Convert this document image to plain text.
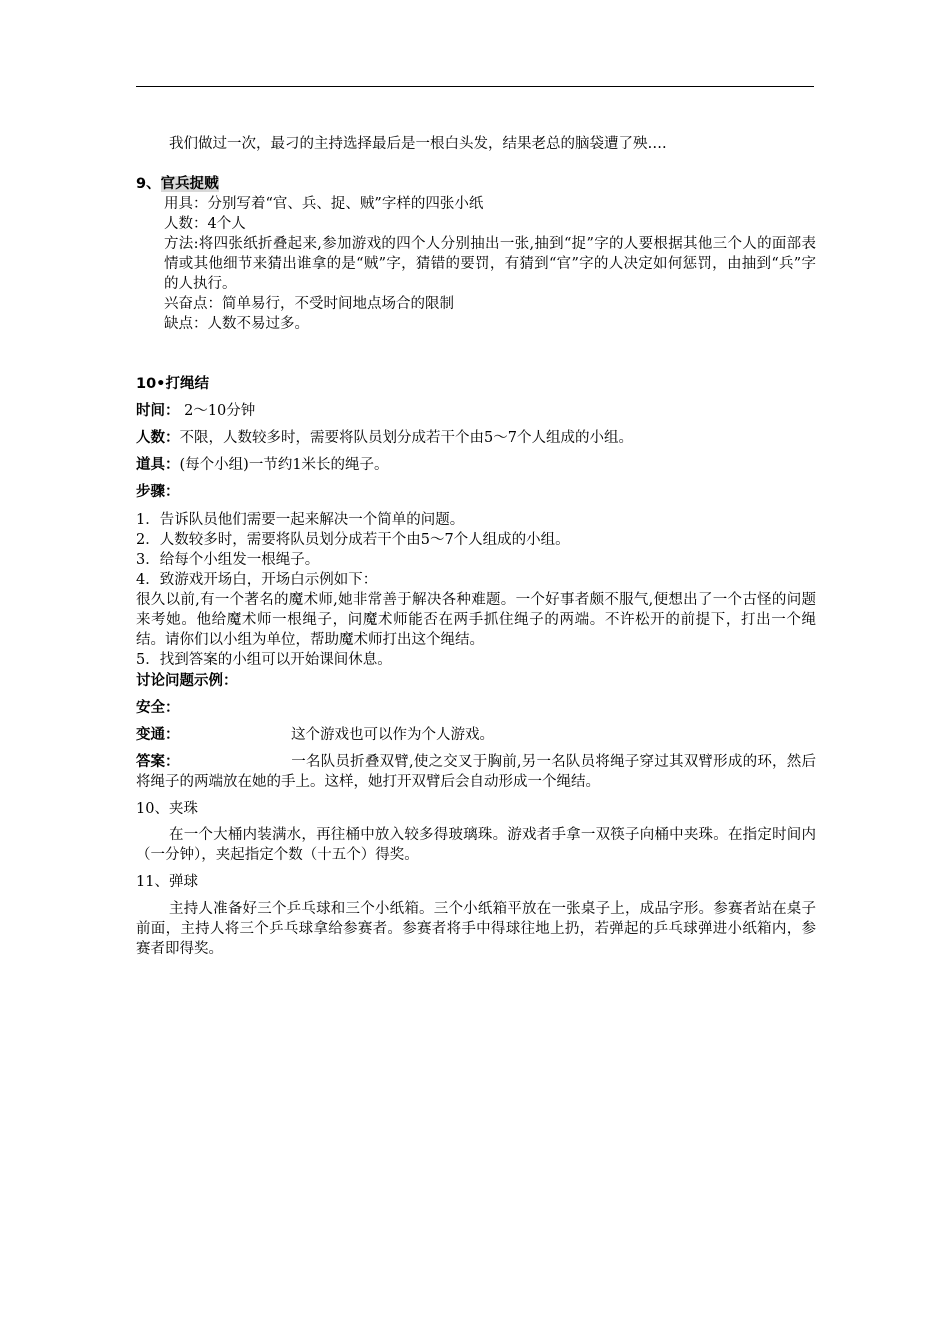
我们做过一次，最刁的主持选择最后是一根白头发，结果老总的脑袋遭了殃….
9、官兵捉贼
用具：分别写着“官、兵、捉、贼”字样的四张小纸
人数：4个人
方法:将四张纸折叠起来,参加游戏的四个人分别抽出一张,抽到“捉”字的人要根据其他三个人的面部表情或其他细节来猜出谁拿的是“贼”字，猜错的要罚，有猜到“官”字的人决定如何惩罚，由抽到“兵”字的人执行。
兴奋点：简单易行，不受时间地点场合的限制
缺点：人数不易过多。
10•打绳结
时间： 2～10分钟
人数：不限，人数较多时，需要将队员划分成若干个由5～7个人组成的小组。
道具：(每个小组)一节约1米长的绳子。
步骤：
1．告诉队员他们需要一起来解决一个简单的问题。
2．人数较多时，需要将队员划分成若干个由5～7个人组成的小组。
3．给每个小组发一根绳子。
4．致游戏开场白，开场白示例如下：
很久以前,有一个著名的魔术师,她非常善于解决各种难题。一个好事者颇不服气,便想出了一个古怪的问题来考她。他给魔术师一根绳子，问魔术师能否在两手抓住绳子的两端。不许松开的前提下，打出一个绳结。请你们以小组为单位，帮助魔术师打出这个绳结。
5．找到答案的小组可以开始课间休息。
讨论问题示例：
安全：
变通：	这个游戏也可以作为个人游戏。
答案：	一名队员折叠双臂,使之交叉于胸前,另一名队员将绳子穿过其双臂形成的环，然后将绳子的两端放在她的手上。这样，她打开双臂后会自动形成一个绳结。
10、夹珠
在一个大桶内装满水，再往桶中放入较多得玻璃珠。游戏者手拿一双筷子向桶中夹珠。在指定时间内（一分钟），夹起指定个数（十五个）得奖。
11、弹球
主持人准备好三个乒乓球和三个小纸箱。三个小纸箱平放在一张桌子上，成品字形。参赛者站在桌子前面，主持人将三个乒乓球拿给参赛者。参赛者将手中得球往地上扔，若弹起的乒乓球弹进小纸箱内，参赛者即得奖。
